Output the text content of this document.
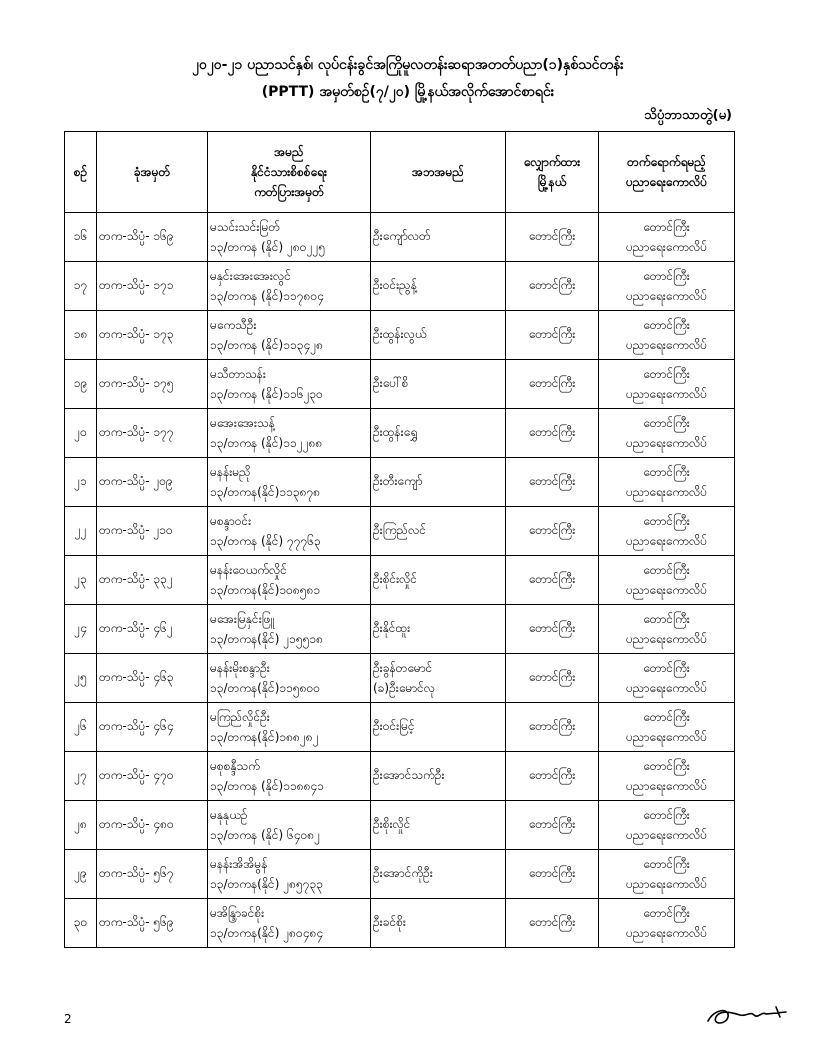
၂၀၂၀-၂၁ ပညာသင်နှစ်၊ လုပ်ငန်းခွင်အကြိုမူလတန်းဆရာအတတ်ပညာ(၁)နှစ်သင်တန်း
(PPTT) အမှတ်စဉ်(၇/၂၀) မြို့နယ်အလိုက်အောင်စာရင်း
သိပ္ပံဘာသာတွဲ(မ)
စဉ်	ခုံအမှတ်	အမည်
နိုင်ငံသားစိစစ်ရေး
ကတ်ပြားအမှတ်	အဘအမည်	လျှောက်ထား
မြို့နယ်	တက်ရောက်ရမည့်
ပညာရေးကောလိပ်

၁၆	တက-သိပ္ပံ- ၁၆၉	မသင်းသင်းမြတ်
၁၃/တကန (နိုင်) ၂၈၀၂၂၅	ဦးကျော်လတ်	တောင်ကြီး	တောင်ကြီး
ပညာရေးကောလိပ်

၁၇	တက-သိပ္ပံ- ၁၇၁	မနှင်းအေးအေးလွင်
၁၃/တကန (နိုင်)၁၁၇၈၀၄	ဦးဝင်းညွန့်	တောင်ကြီး	တောင်ကြီး
ပညာရေးကောလိပ်

၁၈	တက-သိပ္ပံ- ၁၇၃	မကေသီဦး
၁၃/တကန (နိုင်)၁၁၃၄၂၈	ဦးထွန်းလွယ်	တောင်ကြီး	တောင်ကြီး
ပညာရေးကောလိပ်

၁၉	တက-သိပ္ပံ- ၁၇၅	မသီတာသန်း
၁၃/တကန (နိုင်)၁၁၆၂၃၀	ဦးပေါ်စိ	တောင်ကြီး	တောင်ကြီး
ပညာရေးကောလိပ်

၂၀	တက-သိပ္ပံ- ၁၇၇	မအေးအေးသန့်
၁၃/တကန (နိုင်)၁၁၂၂၈၈	ဦးထွန်းရွှေ	တောင်ကြီး	တောင်ကြီး
ပညာရေးကောလိပ်

၂၁	တက-သိပ္ပံ- ၂၀၉	မနန်းမညို
၁၃/တကန(နိုင်)၁၁၃၈၇၈	ဦးတီးကျော်	တောင်ကြီး	တောင်ကြီး
ပညာရေးကောလိပ်

၂၂	တက-သိပ္ပံ- ၂၁၀	မစန္ဒာဝင်း
၁၃/တကန (နိုင်) ၇၇၇၆၃	ဦးကြည်လင်	တောင်ကြီး	တောင်ကြီး
ပညာရေးကောလိပ်

၂၃	တက-သိပ္ပံ- ၃၃၂	မနန်းဝေယက်လှိုင်
၁၃/တကန(နိုင်)၁၀၈၅၈၁	ဦးစိုင်းလှိုင်	တောင်ကြီး	တောင်ကြီး
ပညာရေးကောလိပ်

၂၄	တက-သိပ္ပံ- ၄၆၂	မအေးမြနှင်းဖြူ
၁၃/တကန(နိုင်) ၂၁၅၅၁၈	ဦးနိုင်ထူး	တောင်ကြီး	တောင်ကြီး
ပညာရေးကောလိပ်

၂၅	တက-သိပ္ပံ- ၄၆၃	မနန်းမိုးစန္ဒာဦး
၁၃/တကန(နိုင်)၁၁၅၈၀၀	ဦးခွန်တမောင်
(ခ)ဦးမောင်လု	တောင်ကြီး	တောင်ကြီး
ပညာရေးကောလိပ်

၂၆	တက-သိပ္ပံ- ၄၆၄	မကြည်လှိုင်ဦး
၁၃/တကန(နိုင်)၁၈၈၂၈၂	ဦးဝင်းမြင့်	တောင်ကြီး	တောင်ကြီး
ပညာရေးကောလိပ်

၂၇	တက-သိပ္ပံ- ၄၇၀	မစုစန္ဒီသက်
၁၃/တကန (နိုင်)၁၁၈၈၄၁	ဦးအောင်သက်ဦး	တောင်ကြီး	တောင်ကြီး
ပညာရေးကောလိပ်

၂၈	တက-သိပ္ပံ- ၄၈၀	မနုနုယဉ်
၁၃/တကန (နိုင်) ၆၄၀၈၂	ဦးစိုးလှိုင်	တောင်ကြီး	တောင်ကြီး
ပညာရေးကောလိပ်

၂၉	တက-သိပ္ပံ- ၅၆၇	မနန်းအိအိမွန်
၁၃/တကန(နိုင်) ၂၈၅၇၃၃	ဦးအောင်ကိုဦး	တောင်ကြီး	တောင်ကြီး
ပညာရေးကောလိပ်

၃၀	တက-သိပ္ပံ- ၅၆၉	မအိန္ဒြာခင်စိုး
၁၃/တကန(နိုင်) ၂၈၀၄၈၄	ဦးခင်စိုး	တောင်ကြီး	တောင်ကြီး
ပညာရေးကောလိပ်
2
